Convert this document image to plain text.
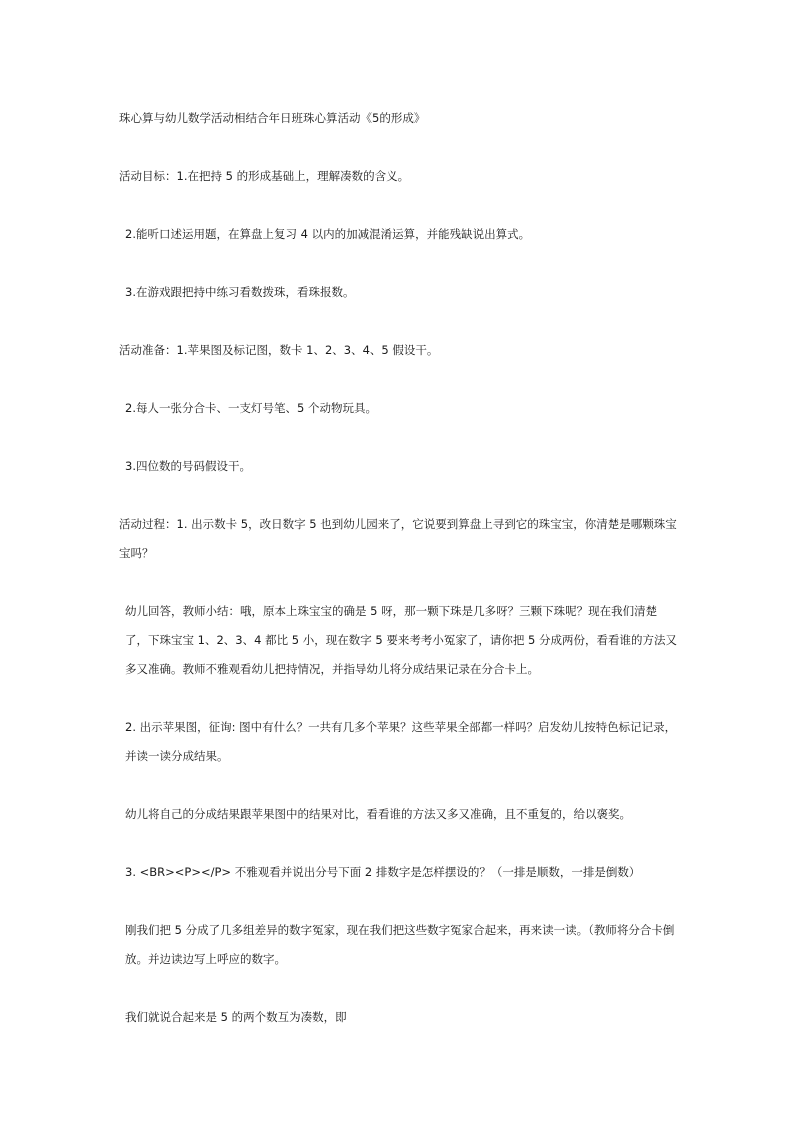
珠心算与幼儿数学活动相结合年日班珠心算活动《5的形成》

活动目标：1.在把持 5 的形成基础上，理解凑数的含义。

2.能听口述运用题，在算盘上复习 4 以内的加减混淆运算，并能残缺说出算式。

3.在游戏跟把持中练习看数拨珠，看珠报数。

活动准备：1.苹果图及标记图，数卡 1、2、3、4、5 假设干。

2.每人一张分合卡、一支灯号笔、5 个动物玩具。

3.四位数的号码假设干。

活动过程：1. 出示数卡 5，改日数字 5 也到幼儿园来了，它说要到算盘上寻到它的珠宝宝，你清楚是哪颗珠宝宝吗？

幼儿回答，教师小结：哦，原本上珠宝宝的确是 5 呀，那一颗下珠是几多呀？三颗下珠呢？现在我们清楚了，下珠宝宝 1、2、3、4 都比 5 小，现在数字 5 要来考考小冤家了，请你把 5 分成两份，看看谁的方法又多又准确。教师不雅观看幼儿把持情况，并指导幼儿将分成结果记录在分合卡上。

2. 出示苹果图，征询: 图中有什么？一共有几多个苹果？这些苹果全部都一样吗？启发幼儿按特色标记记录，并读一读分成结果。

幼儿将自己的分成结果跟苹果图中的结果对比，看看谁的方法又多又准确，且不重复的，给以褒奖。

3. <BR><P></P> 不雅观看并说出分号下面 2 排数字是怎样摆设的？（一排是顺数，一排是倒数）

刚我们把 5 分成了几多组差异的数字冤家，现在我们把这些数字冤家合起来，再来读一读。（教师将分合卡倒放。并边读边写上呼应的数字。

我们就说合起来是 5 的两个数互为凑数，即
